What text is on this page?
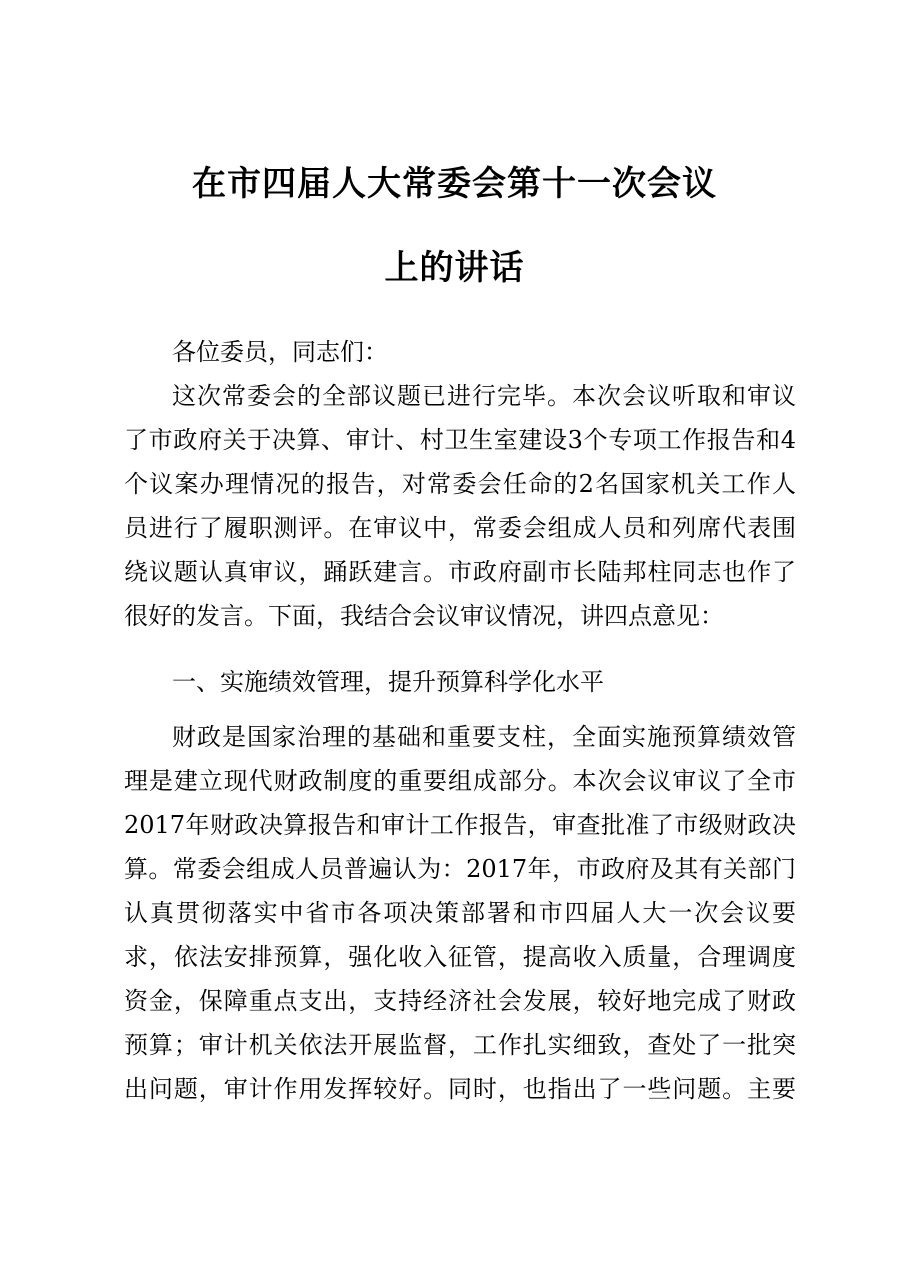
在市四届人大常委会第十一次会议
上的讲话
各位委员，同志们：
这次常委会的全部议题已进行完毕。本次会议听取和审议
了市政府关于决算、审计、村卫生室建设3个专项工作报告和4
个议案办理情况的报告，对常委会任命的2名国家机关工作人
员进行了履职测评。在审议中，常委会组成人员和列席代表围
绕议题认真审议，踊跃建言。市政府副市长陆邦柱同志也作了
很好的发言。下面，我结合会议审议情况，讲四点意见：
一、实施绩效管理，提升预算科学化水平
财政是国家治理的基础和重要支柱，全面实施预算绩效管
理是建立现代财政制度的重要组成部分。本次会议审议了全市
2017年财政决算报告和审计工作报告，审查批准了市级财政决
算。常委会组成人员普遍认为：2017年，市政府及其有关部门
认真贯彻落实中省市各项决策部署和市四届人大一次会议要
求，依法安排预算，强化收入征管，提高收入质量，合理调度
资金，保障重点支出，支持经济社会发展，较好地完成了财政
预算；审计机关依法开展监督，工作扎实细致，查处了一批突
出问题，审计作用发挥较好。同时，也指出了一些问题。主要
